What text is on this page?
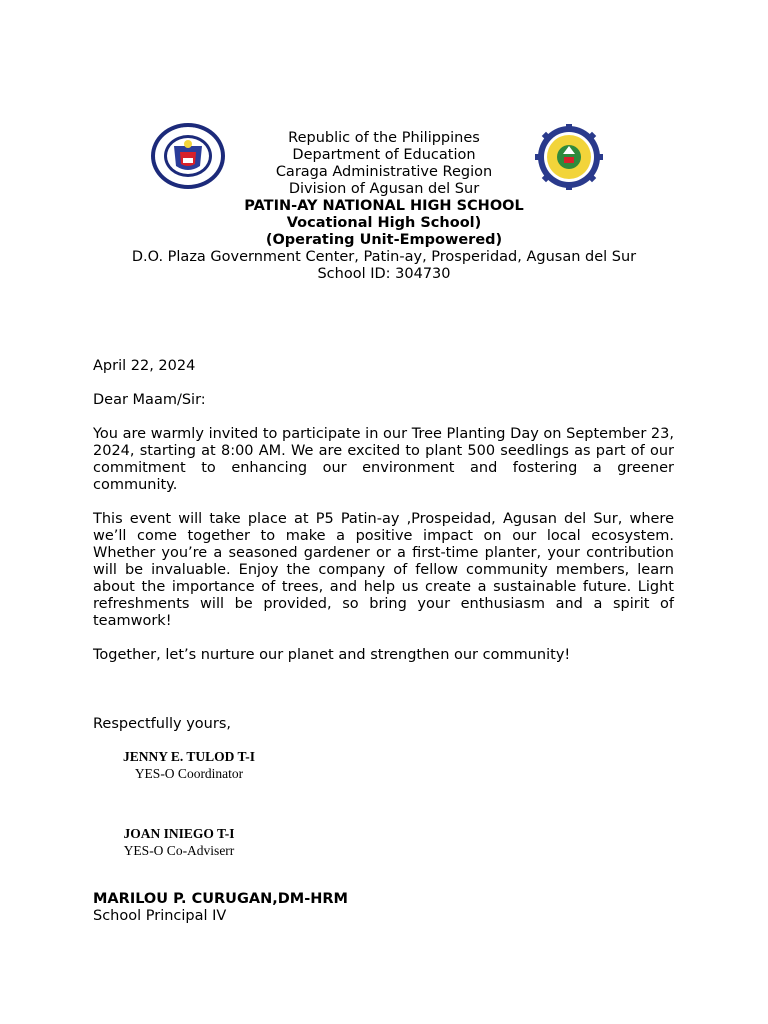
Republic of the Philippines
Department of Education
Caraga Administrative Region
Division of Agusan del Sur
PATIN-AY NATIONAL HIGH SCHOOL
Vocational High School)
(Operating Unit-Empowered)
D.O. Plaza Government Center, Patin-ay, Prosperidad, Agusan del Sur
School ID: 304730
April 22, 2024
Dear Maam/Sir:
You are warmly invited to participate in our Tree Planting Day on September 23, 2024, starting at 8:00 AM. We are excited to plant 500 seedlings as part of our commitment to enhancing our environment and fostering a greener community.
This event will take place at P5 Patin-ay ,Prospeidad, Agusan del Sur, where we’ll come together to make a positive impact on our local ecosystem. Whether you’re a seasoned gardener or a first-time planter, your contribution will be invaluable. Enjoy the company of fellow community members, learn about the importance of trees, and help us create a sustainable future. Light refreshments will be provided, so bring your enthusiasm and a spirit of teamwork!
Together, let’s nurture our planet and strengthen our community!
Respectfully yours,
JENNY E. TULOD T-I
YES-O Coordinator
JOAN INIEGO T-I
YES-O Co-Adviserr
MARILOU P. CURUGAN,DM-HRM
School Principal IV
